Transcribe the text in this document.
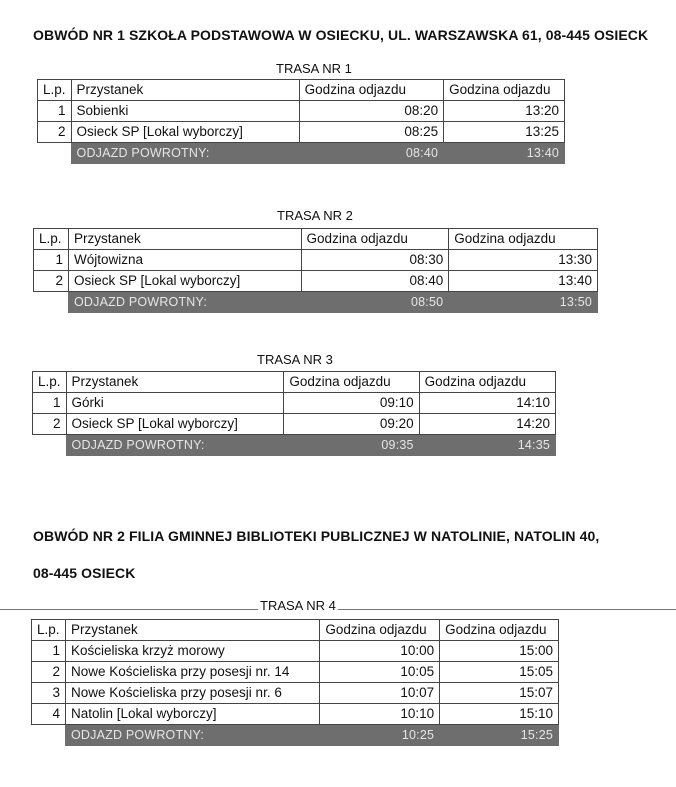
OBWÓD NR 1 SZKOŁA PODSTAWOWA W OSIECKU, UL. WARSZAWSKA 61, 08-445 OSIECK
TRASA NR 1
L.p.	Przystanek	Godzina odjazdu	Godzina odjazdu
1	Sobienki	08:20	13:20
2	Osieck SP [Lokal wyborczy]	08:25	13:25
	ODJAZD POWROTNY:	08:40	13:40
TRASA NR 2
L.p.	Przystanek	Godzina odjazdu	Godzina odjazdu
1	Wójtowizna	08:30	13:30
2	Osieck SP [Lokal wyborczy]	08:40	13:40
	ODJAZD POWROTNY:	08:50	13:50
TRASA NR 3
L.p.	Przystanek	Godzina odjazdu	Godzina odjazdu
1	Górki	09:10	14:10
2	Osieck SP [Lokal wyborczy]	09:20	14:20
	ODJAZD POWROTNY:	09:35	14:35
OBWÓD NR 2 FILIA GMINNEJ BIBLIOTEKI PUBLICZNEJ W NATOLINIE, NATOLIN 40,
08-445 OSIECK
TRASA NR 4
L.p.	Przystanek	Godzina odjazdu	Godzina odjazdu
1	Kościeliska krzyż morowy	10:00	15:00
2	Nowe Kościeliska przy posesji nr. 14	10:05	15:05
3	Nowe Kościeliska przy posesji nr. 6	10:07	15:07
4	Natolin [Lokal wyborczy]	10:10	15:10
	ODJAZD POWROTNY:	10:25	15:25
